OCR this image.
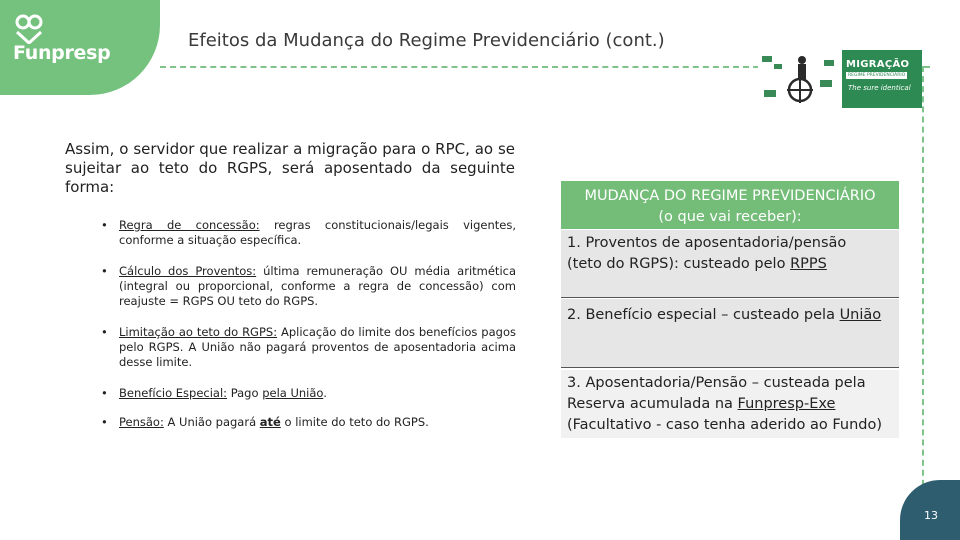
Funpresp
Efeitos da Mudança do Regime Previdenciário (cont.)
MIGRAÇÃO
REGIME PREVIDENCIÁRIO
The sure identical
Assim, o servidor que realizar a migração para o RPC, ao se sujeitar ao teto do RGPS, será aposentado da seguinte forma:
• Regra de concessão: regras constitucionais/legais vigentes, conforme a situação específica.
• Cálculo dos Proventos: última remuneração OU média aritmética (integral ou proporcional, conforme a regra de concessão) com reajuste = RGPS OU teto do RGPS.
• Limitação ao teto do RGPS: Aplicação do limite dos benefícios pagos pelo RGPS. A União não pagará proventos de aposentadoria acima desse limite.
• Benefício Especial: Pago pela União.
• Pensão: A União pagará até o limite do teto do RGPS.
MUDANÇA DO REGIME PREVIDENCIÁRIO
(o que vai receber):
1. Proventos de aposentadoria/pensão
(teto do RGPS): custeado pelo RPPS
2. Benefício especial – custeado pela União
3. Aposentadoria/Pensão – custeada pela Reserva acumulada na Funpresp-Exe (Facultativo - caso tenha aderido ao Fundo)
13
